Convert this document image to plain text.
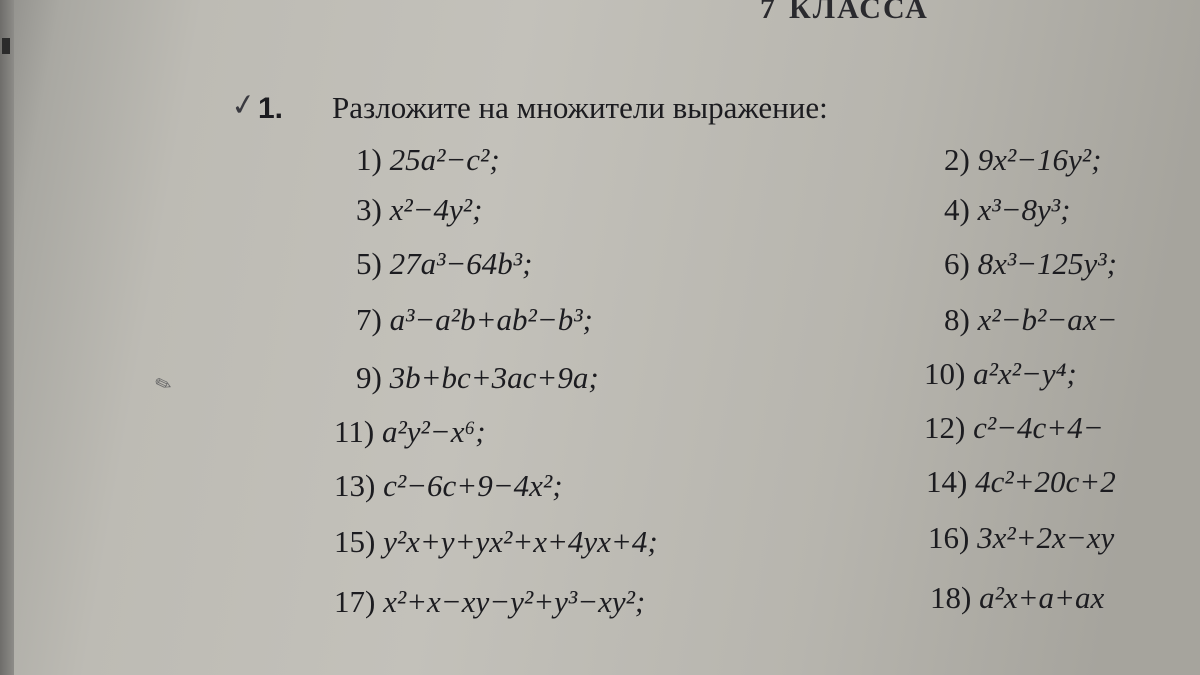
7 КЛАССА
✓ 1. Разложите на множители выражение:
1) 25a²−c²;	2) 9x²−16y²;
3) x²−4y²;	4) x³−8y³;
5) 27a³−64b³;	6) 8x³−125y³;
7) a³−a²b+ab²−b³;	8) x²−b²−ax−
9) 3b+bc+3ac+9a;	10) a²x²−y⁴;
11) a²y²−x⁶;	12) c²−4c+4−
13) c²−6c+9−4x²;	14) 4c²+20c+2
15) y²x+y+yx²+x+4yx+4;	16) 3x²+2x−xy
17) x²+x−xy−y²+y³−xy²;	18) a²x+a+ax
✎
